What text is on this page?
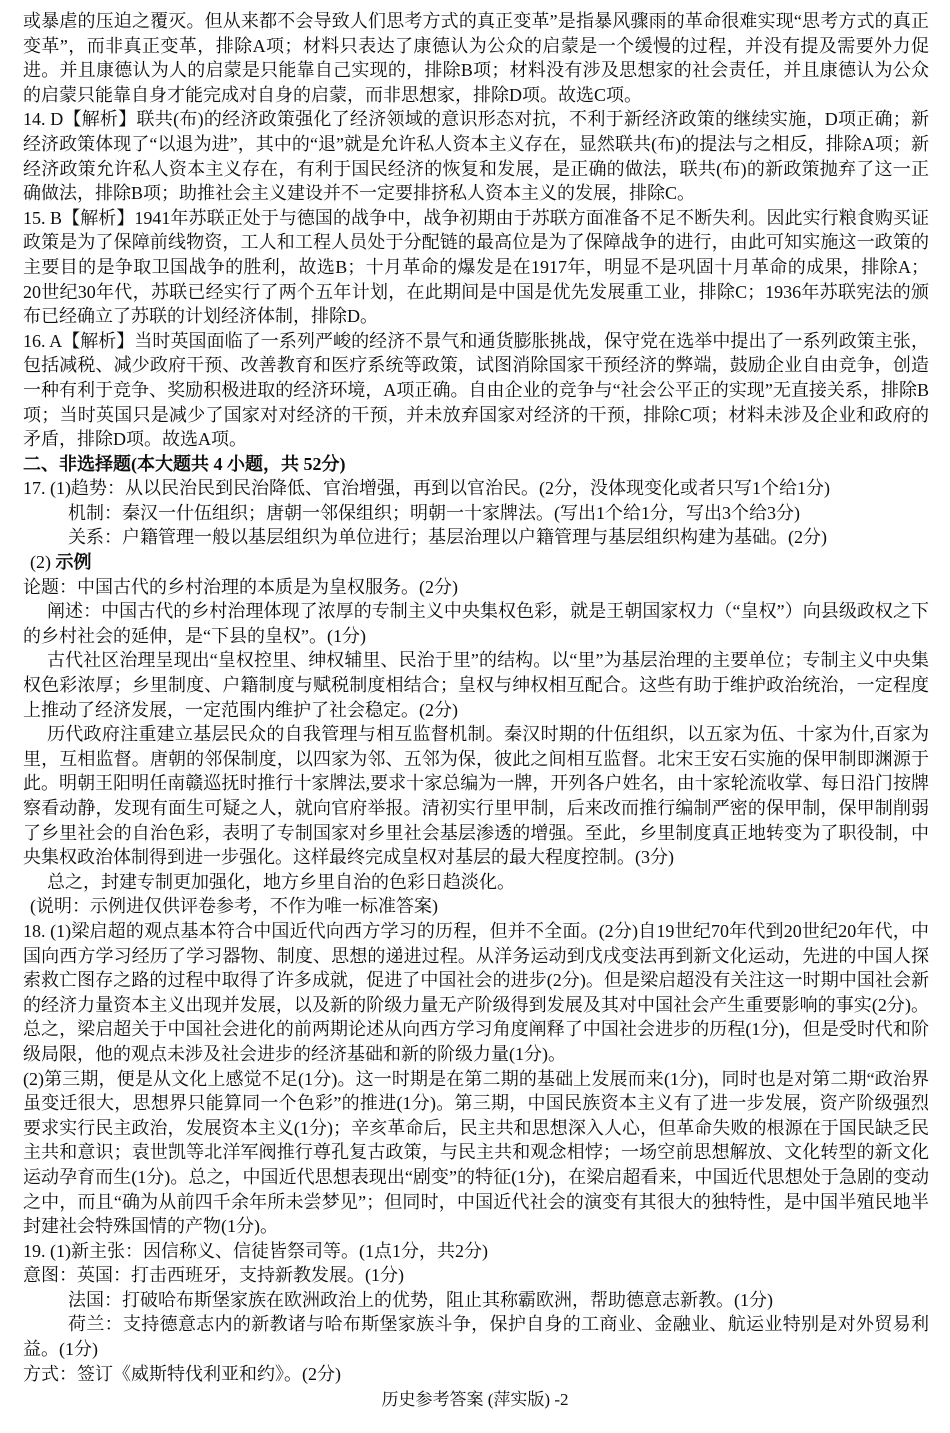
或暴虐的压迫之覆灭。但从来都不会导致人们思考方式的真正变革”是指暴风骤雨的革命很难实现“思考方式的真正变革”，而非真正变革，排除A项；材料只表达了康德认为公众的启蒙是一个缓慢的过程，并没有提及需要外力促进。并且康德认为人的启蒙是只能靠自己实现的，排除B项；材料没有涉及思想家的社会责任，并且康德认为公众的启蒙只能靠自身才能完成对自身的启蒙，而非思想家，排除D项。故选C项。

14. D【解析】联共(布)的经济政策强化了经济领域的意识形态对抗，不利于新经济政策的继续实施，D项正确；新经济政策体现了“以退为进”，其中的“退”就是允许私人资本主义存在，显然联共(布)的提法与之相反，排除A项；新经济政策允许私人资本主义存在，有利于国民经济的恢复和发展，是正确的做法，联共(布)的新政策抛弃了这一正确做法，排除B项；助推社会主义建设并不一定要排挤私人资本主义的发展，排除C。

15. B【解析】1941年苏联正处于与德国的战争中，战争初期由于苏联方面准备不足不断失利。因此实行粮食购买证政策是为了保障前线物资，工人和工程人员处于分配链的最高位是为了保障战争的进行，由此可知实施这一政策的主要目的是争取卫国战争的胜利，故选B；十月革命的爆发是在1917年，明显不是巩固十月革命的成果，排除A；20世纪30年代，苏联已经实行了两个五年计划，在此期间是中国是优先发展重工业，排除C；1936年苏联宪法的颁布已经确立了苏联的计划经济体制，排除D。

16. A【解析】当时英国面临了一系列严峻的经济不景气和通货膨胀挑战，保守党在选举中提出了一系列政策主张，包括减税、减少政府干预、改善教育和医疗系统等政策，试图消除国家干预经济的弊端，鼓励企业自由竞争，创造一种有利于竞争、奖励积极进取的经济环境，A项正确。自由企业的竞争与“社会公平正的实现”无直接关系，排除B项；当时英国只是减少了国家对对经济的干预，并未放弃国家对经济的干预，排除C项；材料未涉及企业和政府的矛盾，排除D项。故选A项。

二、非选择题(本大题共 4 小题，共 52分)

17. (1)趋势：从以民治民到民治降低、官治增强，再到以官治民。(2分，没体现变化或者只写1个给1分)

机制：秦汉一什伍组织；唐朝一邻保组织；明朝一十家牌法。(写出1个给1分，写出3个给3分)

关系：户籍管理一般以基层组织为单位进行；基层治理以户籍管理与基层组织构建为基础。(2分)

(2) 示例

论题：中国古代的乡村治理的本质是为皇权服务。(2分)

阐述：中国古代的乡村治理体现了浓厚的专制主义中央集权色彩，就是王朝国家权力（“皇权”）向县级政权之下的乡村社会的延伸，是“下县的皇权”。(1分)

古代社区治理呈现出“皇权控里、绅权辅里、民治于里”的结构。以“里”为基层治理的主要单位；专制主义中央集权色彩浓厚；乡里制度、户籍制度与赋税制度相结合；皇权与绅权相互配合。这些有助于维护政治统治，一定程度上推动了经济发展，一定范围内维护了社会稳定。(2分)

历代政府注重建立基层民众的自我管理与相互监督机制。秦汉时期的什伍组织，以五家为伍、十家为什,百家为里，互相监督。唐朝的邻保制度，以四家为邻、五邻为保，彼此之间相互监督。北宋王安石实施的保甲制即渊源于此。明朝王阳明任南赣巡抚时推行十家牌法,要求十家总编为一牌，开列各户姓名，由十家轮流收掌、每日沿门按牌察看动静，发现有面生可疑之人，就向官府举报。清初实行里甲制，后来改而推行编制严密的保甲制，保甲制削弱了乡里社会的自治色彩，表明了专制国家对乡里社会基层渗透的增强。至此，乡里制度真正地转变为了职役制，中央集权政治体制得到进一步强化。这样最终完成皇权对基层的最大程度控制。(3分)

总之，封建专制更加强化，地方乡里自治的色彩日趋淡化。

(说明：示例进仅供评卷参考，不作为唯一标准答案)

18. (1)梁启超的观点基本符合中国近代向西方学习的历程，但并不全面。(2分)自19世纪70年代到20世纪20年代，中国向西方学习经历了学习器物、制度、思想的递进过程。从洋务运动到戊戌变法再到新文化运动，先进的中国人探索救亡图存之路的过程中取得了许多成就，促进了中国社会的进步(2分)。但是梁启超没有关注这一时期中国社会新的经济力量资本主义出现并发展，以及新的阶级力量无产阶级得到发展及其对中国社会产生重要影响的事实(2分)。总之，梁启超关于中国社会进化的前两期论述从向西方学习角度阐释了中国社会进步的历程(1分)，但是受时代和阶级局限，他的观点未涉及社会进步的经济基础和新的阶级力量(1分)。

(2)第三期，便是从文化上感觉不足(1分)。这一时期是在第二期的基础上发展而来(1分)，同时也是对第二期“政治界虽变迁很大，思想界只能算同一个色彩”的推进(1分)。第三期，中国民族资本主义有了进一步发展，资产阶级强烈要求实行民主政治，发展资本主义(1分)；辛亥革命后，民主共和思想深入人心，但革命失败的根源在于国民缺乏民主共和意识；袁世凯等北洋军阀推行尊孔复古政策，与民主共和观念相悖；一场空前思想解放、文化转型的新文化运动孕育而生(1分)。总之，中国近代思想表现出“剧变”的特征(1分)，在梁启超看来，中国近代思想处于急剧的变动之中，而且“确为从前四千余年所未尝梦见”；但同时，中国近代社会的演变有其很大的独特性，是中国半殖民地半封建社会特殊国情的产物(1分)。

19. (1)新主张：因信称义、信徒皆祭司等。(1点1分，共2分)

意图：英国：打击西班牙，支持新教发展。(1分)

法国：打破哈布斯堡家族在欧洲政治上的优势，阻止其称霸欧洲，帮助德意志新教。(1分)

荷兰：支持德意志内的新教诸与哈布斯堡家族斗争，保护自身的工商业、金融业、航运业特别是对外贸易利益。(1分)

方式：签订《威斯特伐利亚和约》。(2分)

历史参考答案 (萍实版) -2
